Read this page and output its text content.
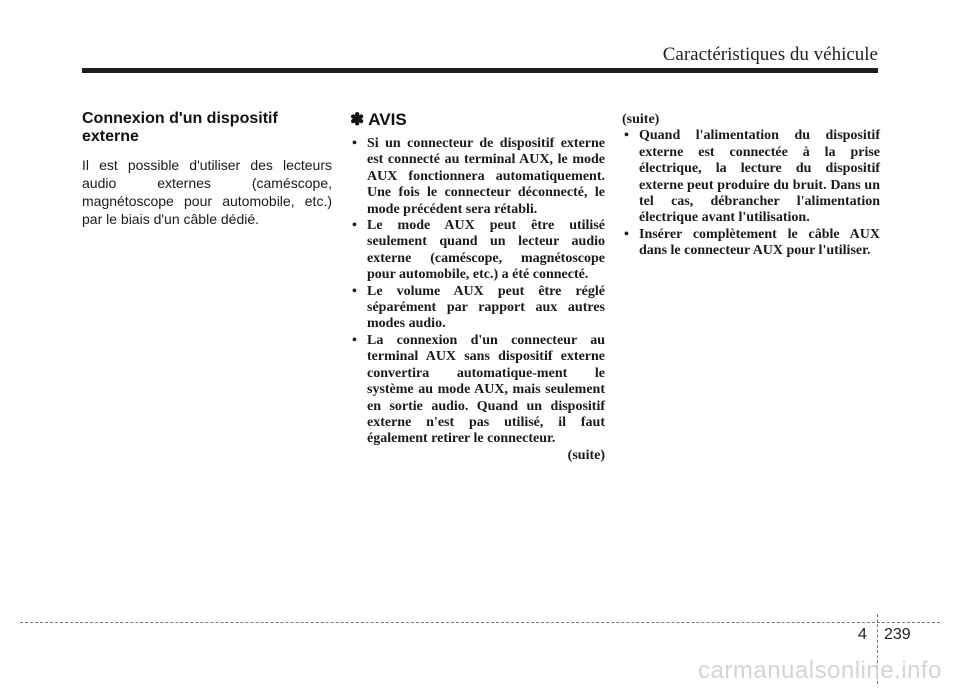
Caractéristiques du véhicule
Connexion d'un dispositif externe

Il est possible d'utiliser des lecteurs audio externes (caméscope, magnétoscope pour automobile, etc.) par le biais d'un câble dédié.

✽ AVIS
• Si un connecteur de dispositif externe est connecté au terminal AUX, le mode AUX fonctionnera automatiquement. Une fois le connecteur déconnecté, le mode précédent sera rétabli.
• Le mode AUX peut être utilisé seulement quand un lecteur audio externe (caméscope, magnétoscope pour automobile, etc.) a été connecté.
• Le volume AUX peut être réglé séparément par rapport aux autres modes audio.
• La connexion d'un connecteur au terminal AUX sans dispositif externe convertira automatique-ment le système au mode AUX, mais seulement en sortie audio. Quand un dispositif externe n'est pas utilisé, il faut également retirer le connecteur.

(suite)

(suite)

• Quand l'alimentation du dispositif externe est connectée à la prise électrique, la lecture du dispositif externe peut produire du bruit. Dans un tel cas, débrancher l'alimentation électrique avant l'utilisation.
• Insérer complètement le câble AUX dans le connecteur AUX pour l'utiliser.
4 239
carmanualsonline.info
